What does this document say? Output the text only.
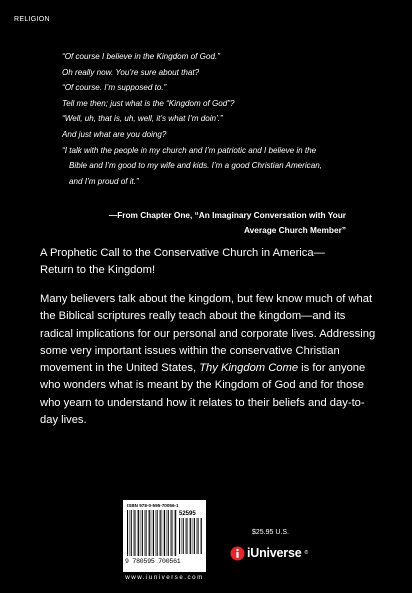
RELIGION
“Of course I believe in the Kingdom of God.”
Oh really now. You’re sure about that?
“Of course. I’m supposed to.”
Tell me then; just what is the “Kingdom of God”?
“Well, uh, that is, uh, well, it’s what I’m doin’.”
And just what are you doing?
“I talk with the people in my church and I’m patriotic and I believe in the
Bible and I’m good to my wife and kids. I’m a good Christian American,
and I’m proud of it.”
—From Chapter One, “An Imaginary Conversation with Your
Average Church Member”
A Prophetic Call to the Conservative Church in America—
Return to the Kingdom!
Many believers talk about the kingdom, but few know much of what the Biblical scriptures really teach about the kingdom—and its radical implications for our personal and corporate lives. Addressing some very important issues within the conservative Christian movement in the United States, Thy Kingdom Come is for anyone who wonders what is meant by the Kingdom of God and for those who yearn to understand how it relates to their beliefs and day-to-day lives.
ISBN 978-0-595-70056-1
52595
9 780595 700561
www.iuniverse.com
$25.95 U.S.
iUniverse ®
